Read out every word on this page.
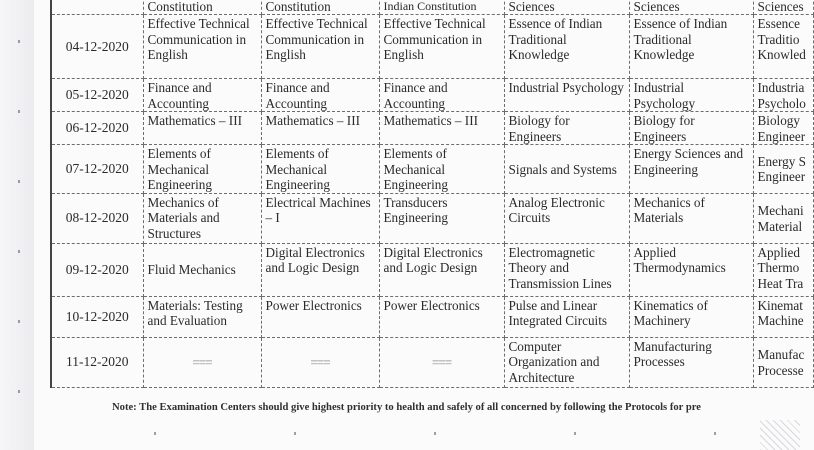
	Constitution	Constitution	Indian Constitution	Sciences	Sciences	Sciences
04-12-2020	Effective Technical Communication in English	Effective Technical Communication in English	Effective Technical Communication in English	Essence of Indian Traditional Knowledge	Essence of Indian Traditional Knowledge	Essence Traditio Knowled
05-12-2020	Finance and Accounting	Finance and Accounting	Finance and Accounting	Industrial Psychology	Industrial Psychology	Industria Psycholo
06-12-2020	Mathematics – III	Mathematics – III	Mathematics – III	Biology for Engineers	Biology for Engineers	Biology Engineer
07-12-2020	Elements of Mechanical Engineering	Elements of Mechanical Engineering	Elements of Mechanical Engineering	Signals and Systems	Energy Sciences and Engineering	Energy S Engineer
08-12-2020	Mechanics of Materials and Structures	Electrical Machines – I	Transducers Engineering	Analog Electronic Circuits	Mechanics of Materials	Mechani Material
09-12-2020	Fluid Mechanics	Digital Electronics and Logic Design	Digital Electronics and Logic Design	Electromagnetic Theory and Transmission Lines	Applied Thermodynamics	Applied Thermo Heat Tra
10-12-2020	Materials: Testing and Evaluation	Power Electronics	Power Electronics	Pulse and Linear Integrated Circuits	Kinematics of Machinery	Kinemat Machine
11-12-2020	===	===	===	Computer Organization and Architecture	Manufacturing Processes	Manufac Processe
Note: The Examination Centers should give highest priority to health and safely of all concerned by following the Protocols for pre
